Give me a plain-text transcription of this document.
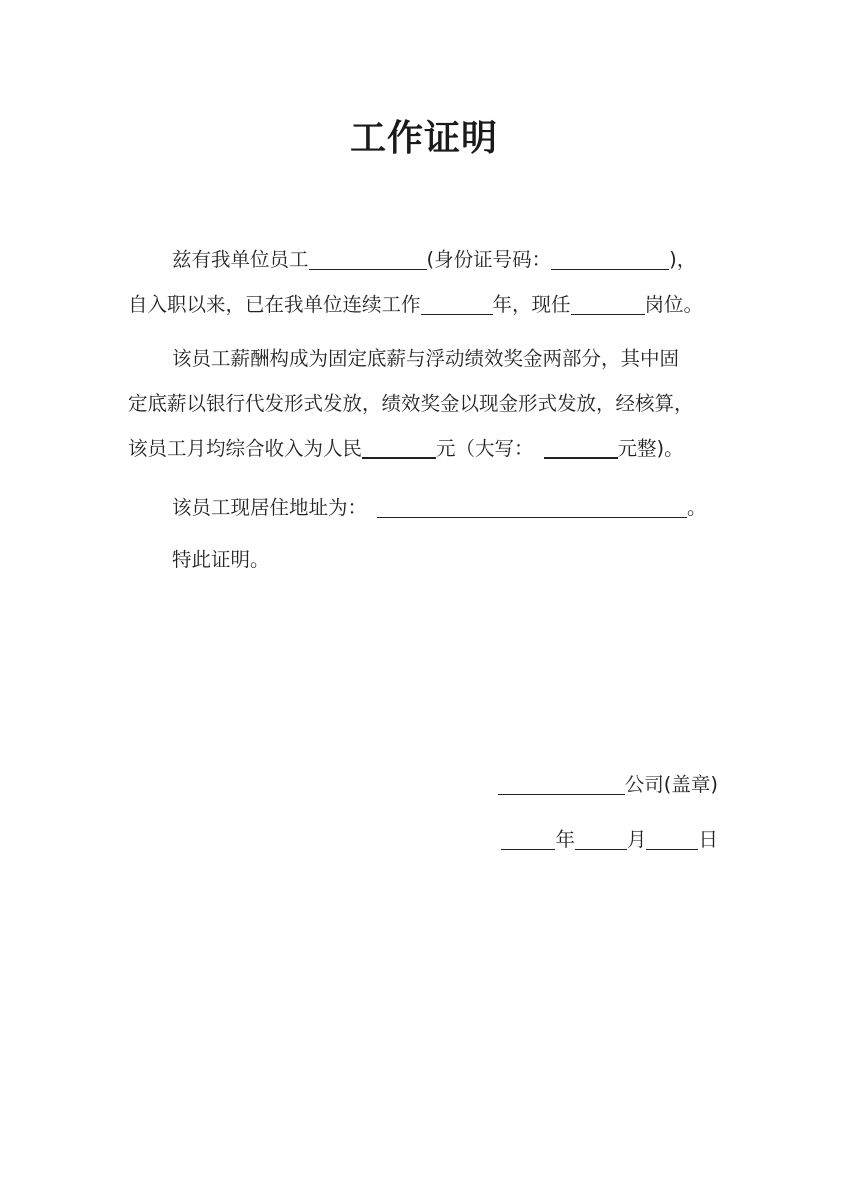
工作证明
兹有我单位员工	(身份证号码：	)，
自入职以来，已在我单位连续工作	年，现任	岗位。
该员工薪酬构成为固定底薪与浮动绩效奖金两部分，其中固
定底薪以银行代发形式发放，绩效奖金以现金形式发放，经核算，
该员工月均综合收入为人民	元（大写：	元整)。
该员工现居住地址为：	。
特此证明。
公司(盖章)
年	月	日
